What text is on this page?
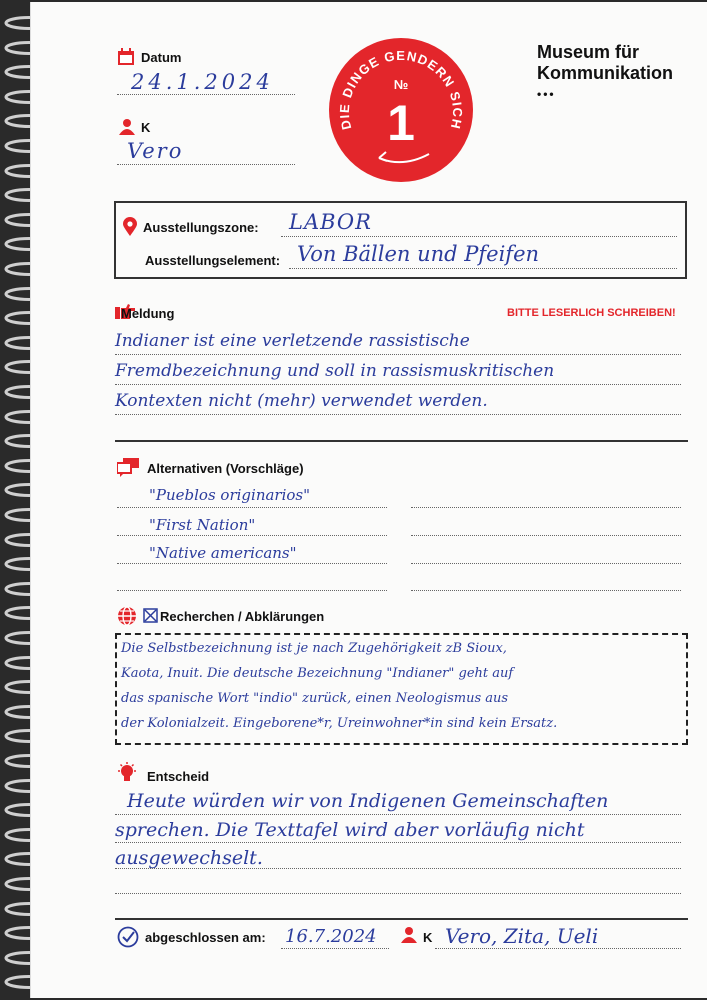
Datum
24.1.2024
K
Vero
DIE DINGE GENDERN SICH
№
1
Museum für
Kommunikation
•••
Ausstellungszone: LABOR
Ausstellungselement: Von Bällen und Pfeifen
Meldung	BITTE LESERLICH SCHREIBEN!
Indianer ist eine verletzende rassistische
Fremdbezeichnung und soll in rassismuskritischen
Kontexten nicht (mehr) verwendet werden.
Alternativen (Vorschläge)
"Pueblos originarios"
"First Nation"
"Native americans"
Recherchen / Abklärungen
Die Selbstbezeichnung ist je nach Zugehörigkeit zB Sioux,
Kaota, Inuit. Die deutsche Bezeichnung "Indianer" geht auf
das spanische Wort "indio" zurück, einen Neologismus aus
der Kolonialzeit. Eingeborene*r, Ureinwohner*in sind kein Ersatz.
Entscheid
Heute würden wir von Indigenen Gemeinschaften
sprechen. Die Texttafel wird aber vorläufig nicht
ausgewechselt.
abgeschlossen am: 16.7.2024	K Vero, Zita, Ueli
